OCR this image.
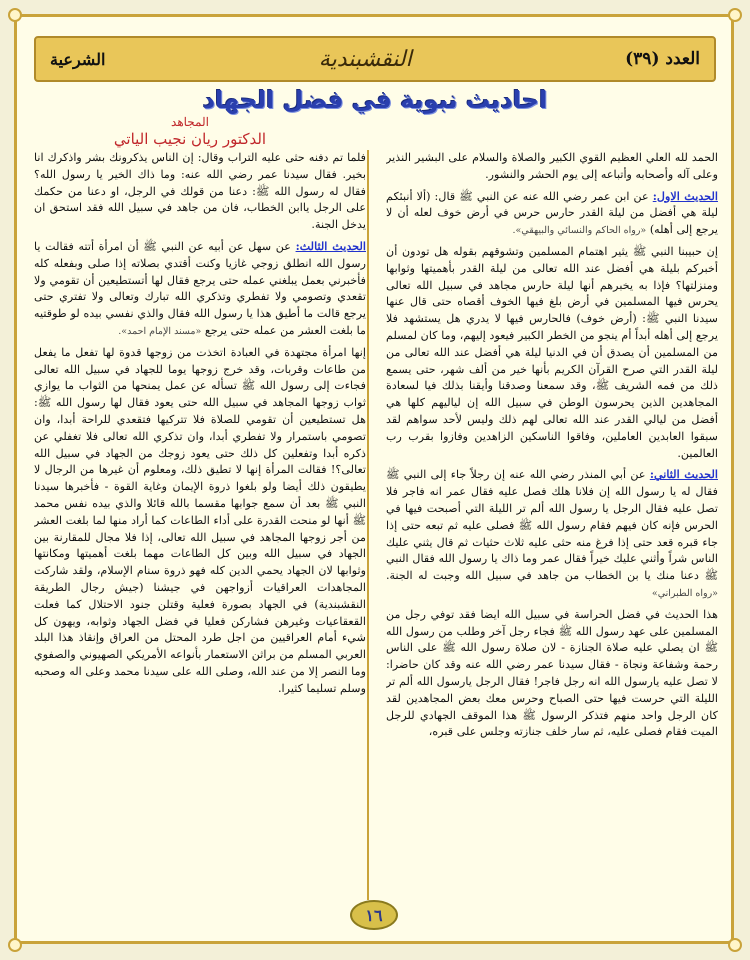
العدد (٣٩)
النقشبندية
الشرعية
احاديث نبوية في فضل الجهاد
المجاهد
الدكتور ريان نجيب الياتي

الحمد لله العلي العظيم القوي الكبير والصلاة والسلام على البشير النذير وعلى آله وأصحابه وأتباعه إلى يوم الحشر والنشور.

الحديث الاول: عن ابن عمر رضي الله عنه عن النبي ﷺ قال: (ألا أنبئكم ليلة هي أفضل من ليلة القدر حارس حرس في أرض خوف لعله أن لا يرجع إلى أهله) «رواه الحاكم والنسائي والبيهقي».

إن حبيبنا النبي ﷺ يثير اهتمام المسلمين وتشوقهم بقوله هل تودون أن أخبركم بليلة هي أفضل عند الله تعالى من ليلة القدر بأهميتها وثوابها ومنزلتها؟ فإذا به يخبرهم أنها ليلة حارس مجاهد في سبيل الله تعالى يحرس فيها المسلمين في أرض بلغ فيها الخوف أقصاه حتى قال عنها سيدنا النبي ﷺ: (أرض خوف) فالحارس فيها لا يدري هل يستشهد فلا يرجع إلى أهله أبداً أم ينجو من الخطر الكبير فيعود إليهم، وما كان لمسلم من المسلمين أن يصدق أن في الدنيا ليلة هي أفضل عند الله تعالى من ليلة القدر التي صرح القرآن الكريم بأنها خير من ألف شهر، حتى يسمع ذلك من فمه الشريف ﷺ، وقد سمعنا وصدقنا وأيقنا بذلك فيا لسعادة المجاهدين الذين يحرسون الوطن في سبيل الله إن لياليهم كلها هي أفضل من ليالي القدر عند الله تعالى لهم ذلك وليس لأحد سواهم لقد سبقوا العابدين العاملين، وفاقوا الناسكين الزاهدين وفازوا بقرب رب العالمين.

الحديث الثاني: عن أبي المنذر رضي الله عنه إن رجلاً جاء إلى النبي ﷺ فقال له يا رسول الله إن فلانا هلك فصل عليه فقال عمر انه فاجر فلا تصل عليه فقال الرجل يا رسول الله ألم تر الليلة التي أصبحت فيها في الحرس فإنه كان فيهم فقام رسول الله ﷺ فصلى عليه ثم تبعه حتى إذا جاء قبره قعد حتى إذا فرغ منه حثى عليه ثلاث حثيات ثم قال يثني عليك الناس شراً وأثني عليك خيراً فقال عمر وما ذاك يا رسول الله فقال النبي ﷺ دعنا منك يا بن الخطاب من جاهد في سبيل الله وجبت له الجنة. «رواه الطبراني»

هذا الحديث في فضل الحراسة في سبيل الله ايضا فقد توفي رجل من المسلمين على عهد رسول الله ﷺ فجاء رجل آخر وطلب من رسول الله ﷺ ان يصلي عليه صلاة الجنازة - لان صلاة رسول الله ﷺ على الناس رحمة وشفاعة ونجاة - فقال سيدنا عمر رضي الله عنه وقد كان حاضرا: لا تصل عليه يارسول الله انه رجل فاجر! فقال الرجل يارسول الله ألم تر الليلة التي حرست فيها حتى الصباح وحرس معك بعض المجاهدين لقد كان الرجل واحد منهم فتذكر الرسول ﷺ هذا الموقف الجهادي للرجل الميت فقام فصلى عليه، ثم سار خلف جنازته وجلس على قبره،

فلما تم دفنه حثى عليه التراب وقال: إن الناس يذكرونك بشر واذكرك انا بخير. فقال سيدنا عمر رضي الله عنه: وما ذاك الخير يا رسول الله؟ فقال له رسول الله ﷺ: دعنا من قولك في الرجل، او دعنا من حكمك على الرجل ياابن الخطاب، فان من جاهد في سبيل الله فقد استحق ان يدخل الجنة.

الحديث الثالث: عن سهل عن أبيه عن النبي ﷺ أن امرأة أتته فقالت يا رسول الله انطلق زوجي غازيا وكنت أقتدي بصلاته إذا صلى وبفعله كله فأخبرني بعمل يبلغني عمله حتى يرجع فقال لها أتستطيعين أن تقومي ولا تقعدي وتصومي ولا تفطري وتذكري الله تبارك وتعالى ولا تفتري حتى يرجع قالت ما أطيق هذا يا رسول الله فقال والذي نفسي بيده لو طوقتيه ما بلغت العشر من عمله حتى يرجع «مسند الإمام احمد».

إنها امرأة مجتهدة في العبادة اتخذت من زوجها قدوة لها تفعل ما يفعل من طاعات وقربات، وقد خرج زوجها يوما للجهاد في سبيل الله تعالى فجاءت إلى رسول الله ﷺ تسأله عن عمل يمنحها من الثواب ما يوازي ثواب زوجها المجاهد في سبيل الله حتى يعود فقال لها رسول الله ﷺ: هل تستطيعين أن تقومي للصلاة فلا تتركيها فتقعدي للراحة أبدا، وان تصومي باستمرار ولا تفطري أبدا، وان تذكري الله تعالى فلا تغفلي عن ذكره أبدا وتفعلين كل ذلك حتى يعود زوجك من الجهاد في سبيل الله تعالى؟! فقالت المرأة إنها لا تطيق ذلك، ومعلوم أن غيرها من الرجال لا يطيقون ذلك أيضا ولو بلغوا ذروة الإيمان وغاية القوة - فأخبرها سيدنا النبي ﷺ بعد أن سمع جوابها مقسما بالله قائلا والذي بيده نفس محمد ﷺ أنها لو منحت القدرة على أداء الطاعات كما أراد منها لما بلغت العشر من أجر زوجها المجاهد في سبيل الله تعالى، إذا فلا مجال للمقارنة بين الجهاد في سبيل الله وبين كل الطاعات مهما بلغت أهميتها ومكانتها وثوابها لان الجهاد يحمي الدين كله فهو ذروة سنام الإسلام، ولقد شاركت المجاهدات العراقيات أزواجهن في جيشنا (جيش رجال الطريقة النقشبندية) في الجهاد بصورة فعلية وقتلن جنود الاحتلال كما فعلت القعقاعيات وغيرهن فشاركن فعليا في فضل الجهاد وثوابه، ويهون كل شيء أمام العراقيين من اجل طرد المحتل من العراق وإنقاذ هذا البلد العربي المسلم من براثن الاستعمار بأنواعه الأمريكي الصهيوني والصفوي وما النصر إلا من عند الله، وصلى الله على سيدنا محمد وعلى اله وصحبه وسلم تسليما كثيرا.

١٦
